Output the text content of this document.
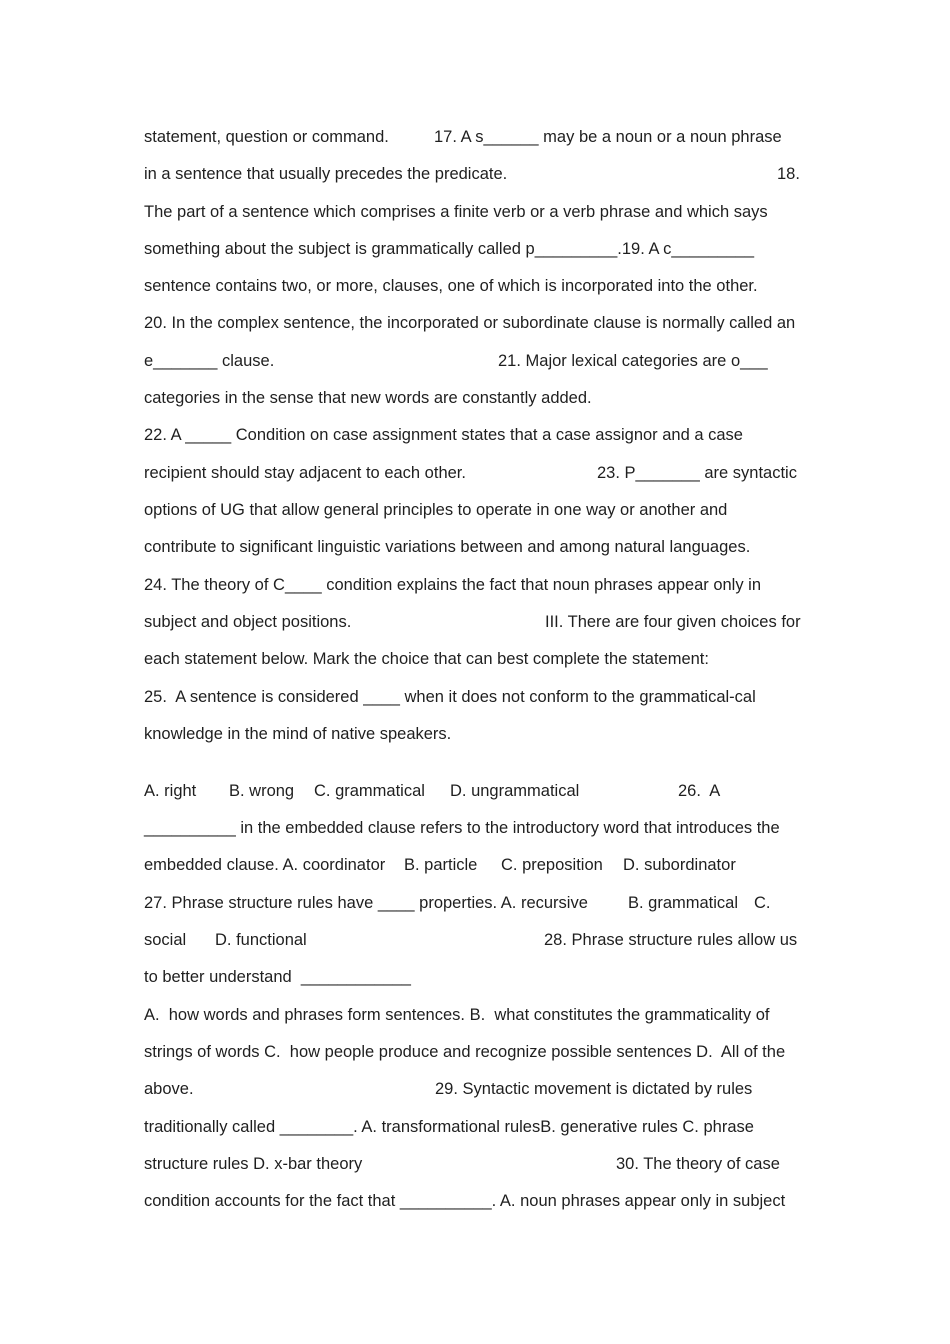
statement, question or command.

	17. A s______ may be a noun or a noun phrase

in a sentence that usually precedes the predicate.

	18.

The part of a sentence which comprises a finite verb or a verb phrase and which says

something about the subject is grammatically called p_________.19. A c_________

sentence contains two, or more, clauses, one of which is incorporated into the other.

20. In the complex sentence, the incorporated or subordinate clause is normally called an

e_______ clause.

	21. Major lexical categories are o___

categories in the sense that new words are constantly added.

22. A _____ Condition on case assignment states that a case assignor and a case

recipient should stay adjacent to each other.

	23. P_______ are syntactic

options of UG that allow general principles to operate in one way or another and

contribute to significant linguistic variations between and among natural languages.

24. The theory of C____ condition explains the fact that noun phrases appear only in

subject and object positions.

	III. There are four given choices for

each statement below. Mark the choice that can best complete the statement:

25.  A sentence is considered ____ when it does not conform to the grammatical-cal

knowledge in the mind of native speakers.

A. right

B. wrong

C. grammatical

D. ungrammatical

	26.  A

__________ in the embedded clause refers to the introductory word that introduces the

embedded clause. A. coordinator

B. particle

C. preposition

D. subordinator

27. Phrase structure rules have ____ properties. A. recursive

B. grammatical

C.

social

D. functional

	28. Phrase structure rules allow us

to better understand  ____________

A.  how words and phrases form sentences. B.  what constitutes the grammaticality of

strings of words C.  how people produce and recognize possible sentences D.  All of the

above.

	29. Syntactic movement is dictated by rules

traditionally called ________. A. transformational rulesB. generative rules C. phrase

structure rules D. x-bar theory

	30. The theory of case

condition accounts for the fact that __________. A. noun phrases appear only in subject
